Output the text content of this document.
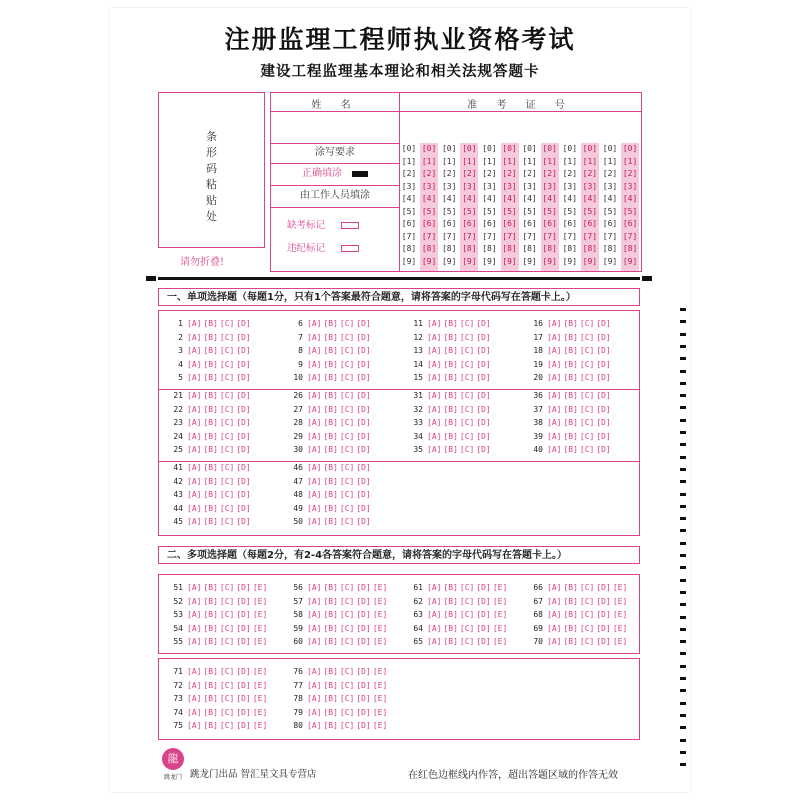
注册监理工程师执业资格考试
建设工程监理基本理论和相关法规答题卡
条
形
码
粘
贴
处
请勿折叠!
姓 名	准 考 证 号
涂写要求
正确填涂
由工作人员填涂
缺考标记
违纪标记
[0]
[1]
[2]
[3]
[4]
[5]
[6]
[7]
[8]
[9]
[0]
[1]
[2]
[3]
[4]
[5]
[6]
[7]
[8]
[9]
[0]
[1]
[2]
[3]
[4]
[5]
[6]
[7]
[8]
[9]
[0]
[1]
[2]
[3]
[4]
[5]
[6]
[7]
[8]
[9]
[0]
[1]
[2]
[3]
[4]
[5]
[6]
[7]
[8]
[9]
[0]
[1]
[2]
[3]
[4]
[5]
[6]
[7]
[8]
[9]
[0]
[1]
[2]
[3]
[4]
[5]
[6]
[7]
[8]
[9]
[0]
[1]
[2]
[3]
[4]
[5]
[6]
[7]
[8]
[9]
[0]
[1]
[2]
[3]
[4]
[5]
[6]
[7]
[8]
[9]
[0]
[1]
[2]
[3]
[4]
[5]
[6]
[7]
[8]
[9]
[0]
[1]
[2]
[3]
[4]
[5]
[6]
[7]
[8]
[9]
[0]
[1]
[2]
[3]
[4]
[5]
[6]
[7]
[8]
[9]
一、单项选择题（每题1分，只有1个答案最符合题意，请将答案的字母代码写在答题卡上。）
1 [A] [B] [C] [D]
2 [A] [B] [C] [D]
3 [A] [B] [C] [D]
4 [A] [B] [C] [D]
5 [A] [B] [C] [D]
6 [A] [B] [C] [D]
7 [A] [B] [C] [D]
8 [A] [B] [C] [D]
9 [A] [B] [C] [D]
10 [A] [B] [C] [D]
11 [A] [B] [C] [D]
12 [A] [B] [C] [D]
13 [A] [B] [C] [D]
14 [A] [B] [C] [D]
15 [A] [B] [C] [D]
16 [A] [B] [C] [D]
17 [A] [B] [C] [D]
18 [A] [B] [C] [D]
19 [A] [B] [C] [D]
20 [A] [B] [C] [D]
21 [A] [B] [C] [D]
22 [A] [B] [C] [D]
23 [A] [B] [C] [D]
24 [A] [B] [C] [D]
25 [A] [B] [C] [D]
26 [A] [B] [C] [D]
27 [A] [B] [C] [D]
28 [A] [B] [C] [D]
29 [A] [B] [C] [D]
30 [A] [B] [C] [D]
31 [A] [B] [C] [D]
32 [A] [B] [C] [D]
33 [A] [B] [C] [D]
34 [A] [B] [C] [D]
35 [A] [B] [C] [D]
36 [A] [B] [C] [D]
37 [A] [B] [C] [D]
38 [A] [B] [C] [D]
39 [A] [B] [C] [D]
40 [A] [B] [C] [D]
41 [A] [B] [C] [D]
42 [A] [B] [C] [D]
43 [A] [B] [C] [D]
44 [A] [B] [C] [D]
45 [A] [B] [C] [D]
46 [A] [B] [C] [D]
47 [A] [B] [C] [D]
48 [A] [B] [C] [D]
49 [A] [B] [C] [D]
50 [A] [B] [C] [D]
二、多项选择题（每题2分，有2-4各答案符合题意，请将答案的字母代码写在答题卡上。）
51 [A] [B] [C] [D] [E]
52 [A] [B] [C] [D] [E]
53 [A] [B] [C] [D] [E]
54 [A] [B] [C] [D] [E]
55 [A] [B] [C] [D] [E]
56 [A] [B] [C] [D] [E]
57 [A] [B] [C] [D] [E]
58 [A] [B] [C] [D] [E]
59 [A] [B] [C] [D] [E]
60 [A] [B] [C] [D] [E]
61 [A] [B] [C] [D] [E]
62 [A] [B] [C] [D] [E]
63 [A] [B] [C] [D] [E]
64 [A] [B] [C] [D] [E]
65 [A] [B] [C] [D] [E]
66 [A] [B] [C] [D] [E]
67 [A] [B] [C] [D] [E]
68 [A] [B] [C] [D] [E]
69 [A] [B] [C] [D] [E]
70 [A] [B] [C] [D] [E]
71 [A] [B] [C] [D] [E]
72 [A] [B] [C] [D] [E]
73 [A] [B] [C] [D] [E]
74 [A] [B] [C] [D] [E]
75 [A] [B] [C] [D] [E]
76 [A] [B] [C] [D] [E]
77 [A] [B] [C] [D] [E]
78 [A] [B] [C] [D] [E]
79 [A] [B] [C] [D] [E]
80 [A] [B] [C] [D] [E]
龍
跳龙门 跳龙门出品 智汇星文具专营店	在红色边框线内作答，超出答题区域的作答无效
